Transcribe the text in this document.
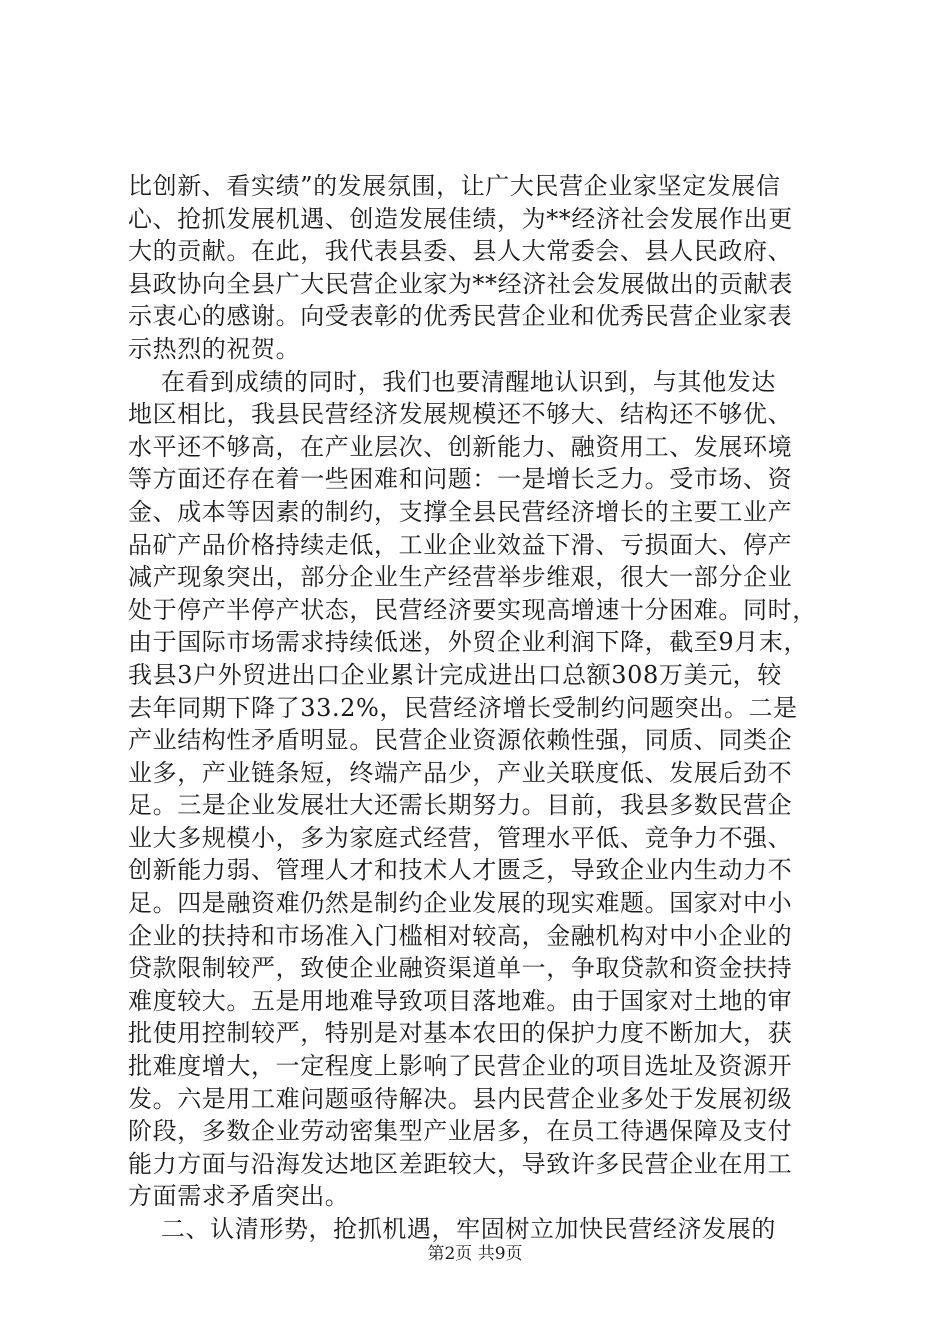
比创新、看实绩”的发展氛围，让广大民营企业家坚定发展信
心、抢抓发展机遇、创造发展佳绩，为**经济社会发展作出更
大的贡献。在此，我代表县委、县人大常委会、县人民政府、
县政协向全县广大民营企业家为**经济社会发展做出的贡献表
示衷心的感谢。向受表彰的优秀民营企业和优秀民营企业家表
示热烈的祝贺。
在看到成绩的同时，我们也要清醒地认识到，与其他发达
地区相比，我县民营经济发展规模还不够大、结构还不够优、
水平还不够高，在产业层次、创新能力、融资用工、发展环境
等方面还存在着一些困难和问题：一是增长乏力。受市场、资
金、成本等因素的制约，支撑全县民营经济增长的主要工业产
品矿产品价格持续走低，工业企业效益下滑、亏损面大、停产
减产现象突出，部分企业生产经营举步维艰，很大一部分企业
处于停产半停产状态，民营经济要实现高增速十分困难。同时，
由于国际市场需求持续低迷，外贸企业利润下降，截至9月末，
我县3户外贸进出口企业累计完成进出口总额308万美元，较
去年同期下降了33.2%，民营经济增长受制约问题突出。二是
产业结构性矛盾明显。民营企业资源依赖性强，同质、同类企
业多，产业链条短，终端产品少，产业关联度低、发展后劲不
足。三是企业发展壮大还需长期努力。目前，我县多数民营企
业大多规模小，多为家庭式经营，管理水平低、竞争力不强、
创新能力弱、管理人才和技术人才匮乏，导致企业内生动力不
足。四是融资难仍然是制约企业发展的现实难题。国家对中小
企业的扶持和市场准入门槛相对较高，金融机构对中小企业的
贷款限制较严，致使企业融资渠道单一，争取贷款和资金扶持
难度较大。五是用地难导致项目落地难。由于国家对土地的审
批使用控制较严，特别是对基本农田的保护力度不断加大，获
批难度增大，一定程度上影响了民营企业的项目选址及资源开
发。六是用工难问题亟待解决。县内民营企业多处于发展初级
阶段，多数企业劳动密集型产业居多，在员工待遇保障及支付
能力方面与沿海发达地区差距较大，导致许多民营企业在用工
方面需求矛盾突出。
二、认清形势，抢抓机遇，牢固树立加快民营经济发展的
第2页 共9页
